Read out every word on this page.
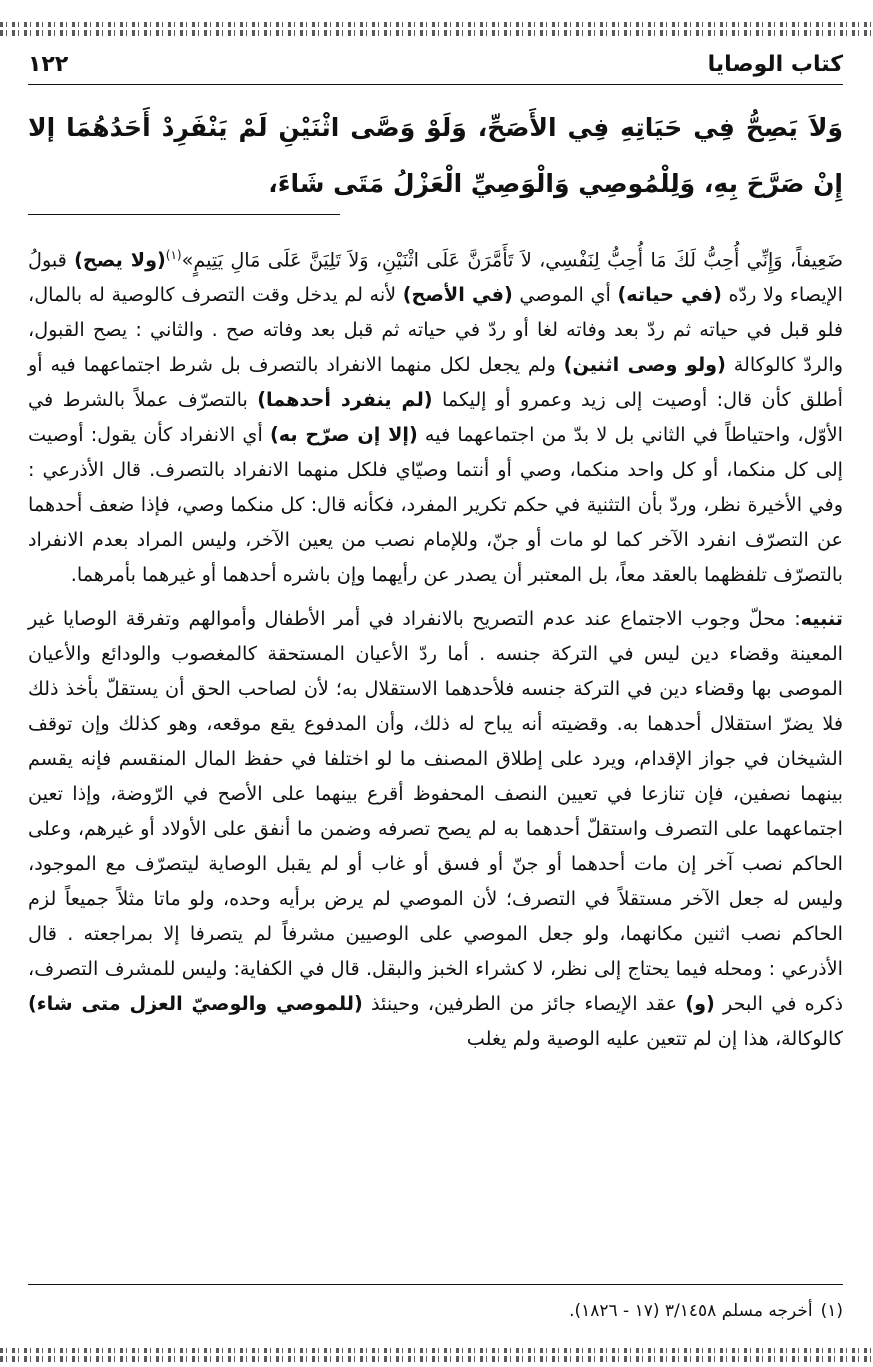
كتاب الوصايا
١٢٢
وَلاَ يَصِحُّ فِي حَيَاتِهِ فِي الأَصَحِّ، وَلَوْ وَصَّى اثْنَيْنِ لَمْ يَنْفَرِدْ أَحَدُهُمَا إلا إِنْ صَرَّحَ بِهِ، وَلِلْمُوصِي وَالْوَصِيِّ الْعَزْلُ مَتَى شَاءَ،

ضَعِيفاً، وَإِنِّي أُحِبُّ لَكَ مَا أُحِبُّ لِنَفْسِي، لاَ تَأَمَّرَنَّ عَلَى اثْنَيْنِ، وَلاَ تَلِيَنَّ عَلَى مَالِ يَتِيمٍ»$^{(١)}$(ولا يصح) قبولُ الإيصاء ولا ردّه (في حياته) أي الموصي (في الأصح) لأنه لم يدخل وقت التصرف كالوصية له بالمال، فلو قبل في حياته ثم ردّ بعد وفاته لغا أو ردّ في حياته ثم قبل بعد وفاته صح . والثاني : يصح القبول، والردّ كالوكالة (ولو وصى اثنين) ولم يجعل لكل منهما الانفراد بالتصرف بل شرط اجتماعهما فيه أو أطلق كأن قال: أوصيت إلى زيد وعمرو أو إليكما (لم ينفرد أحدهما) بالتصرّف عملاً بالشرط في الأوّل، واحتياطاً في الثاني بل لا بدّ من اجتماعهما فيه (إلا إن صرّح به) أي الانفراد كأن يقول: أوصيت إلى كل منكما، أو كل واحد منكما، وصي أو أنتما وصيّاي فلكل منهما الانفراد بالتصرف. قال الأذرعي : وفي الأخيرة نظر، وردّ بأن التثنية في حكم تكرير المفرد، فكأنه قال: كل منكما وصي، فإذا ضعف أحدهما عن التصرّف انفرد الآخر كما لو مات أو جنّ، وللإمام نصب من يعين الآخر، وليس المراد بعدم الانفراد بالتصرّف تلفظهما بالعقد معاً، بل المعتبر أن يصدر عن رأيهما وإن باشره أحدهما أو غيرهما بأمرهما.

تنبيه: محلّ وجوب الاجتماع عند عدم التصريح بالانفراد في أمر الأطفال وأموالهم وتفرقة الوصايا غير المعينة وقضاء دين ليس في التركة جنسه . أما ردّ الأعيان المستحقة كالمغصوب والودائع والأعيان الموصى بها وقضاء دين في التركة جنسه فلأحدهما الاستقلال به؛ لأن لصاحب الحق أن يستقلّ بأخذ ذلك فلا يضرّ استقلال أحدهما به. وقضيته أنه يباح له ذلك، وأن المدفوع يقع موقعه، وهو كذلك وإن توقف الشيخان في جواز الإقدام، ويرد على إطلاق المصنف ما لو اختلفا في حفظ المال المنقسم فإنه يقسم بينهما نصفين، فإن تنازعا في تعيين النصف المحفوظ أقرع بينهما على الأصح في الرّوضة، وإذا تعين اجتماعهما على التصرف واستقلّ أحدهما به لم يصح تصرفه وضمن ما أنفق على الأولاد أو غيرهم، وعلى الحاكم نصب آخر إن مات أحدهما أو جنّ أو فسق أو غاب أو لم يقبل الوصاية ليتصرّف مع الموجود، وليس له جعل الآخر مستقلاً في التصرف؛ لأن الموصي لم يرض برأيه وحده، ولو ماتا مثلاً جميعاً لزم الحاكم نصب اثنين مكانهما، ولو جعل الموصي على الوصيين مشرفاً لم يتصرفا إلا بمراجعته . قال الأذرعي : ومحله فيما يحتاج إلى نظر، لا كشراء الخبز والبقل. قال في الكفاية: وليس للمشرف التصرف، ذكره في البحر (و) عقد الإيصاء جائز من الطرفين، وحينئذ (للموصي والوصيّ العزل متى شاء) كالوكالة، هذا إن لم تتعين عليه الوصية ولم يغلب

(١)أخرجه مسلم ٣/١٤٥٨ (١٧ - ١٨٢٦).
